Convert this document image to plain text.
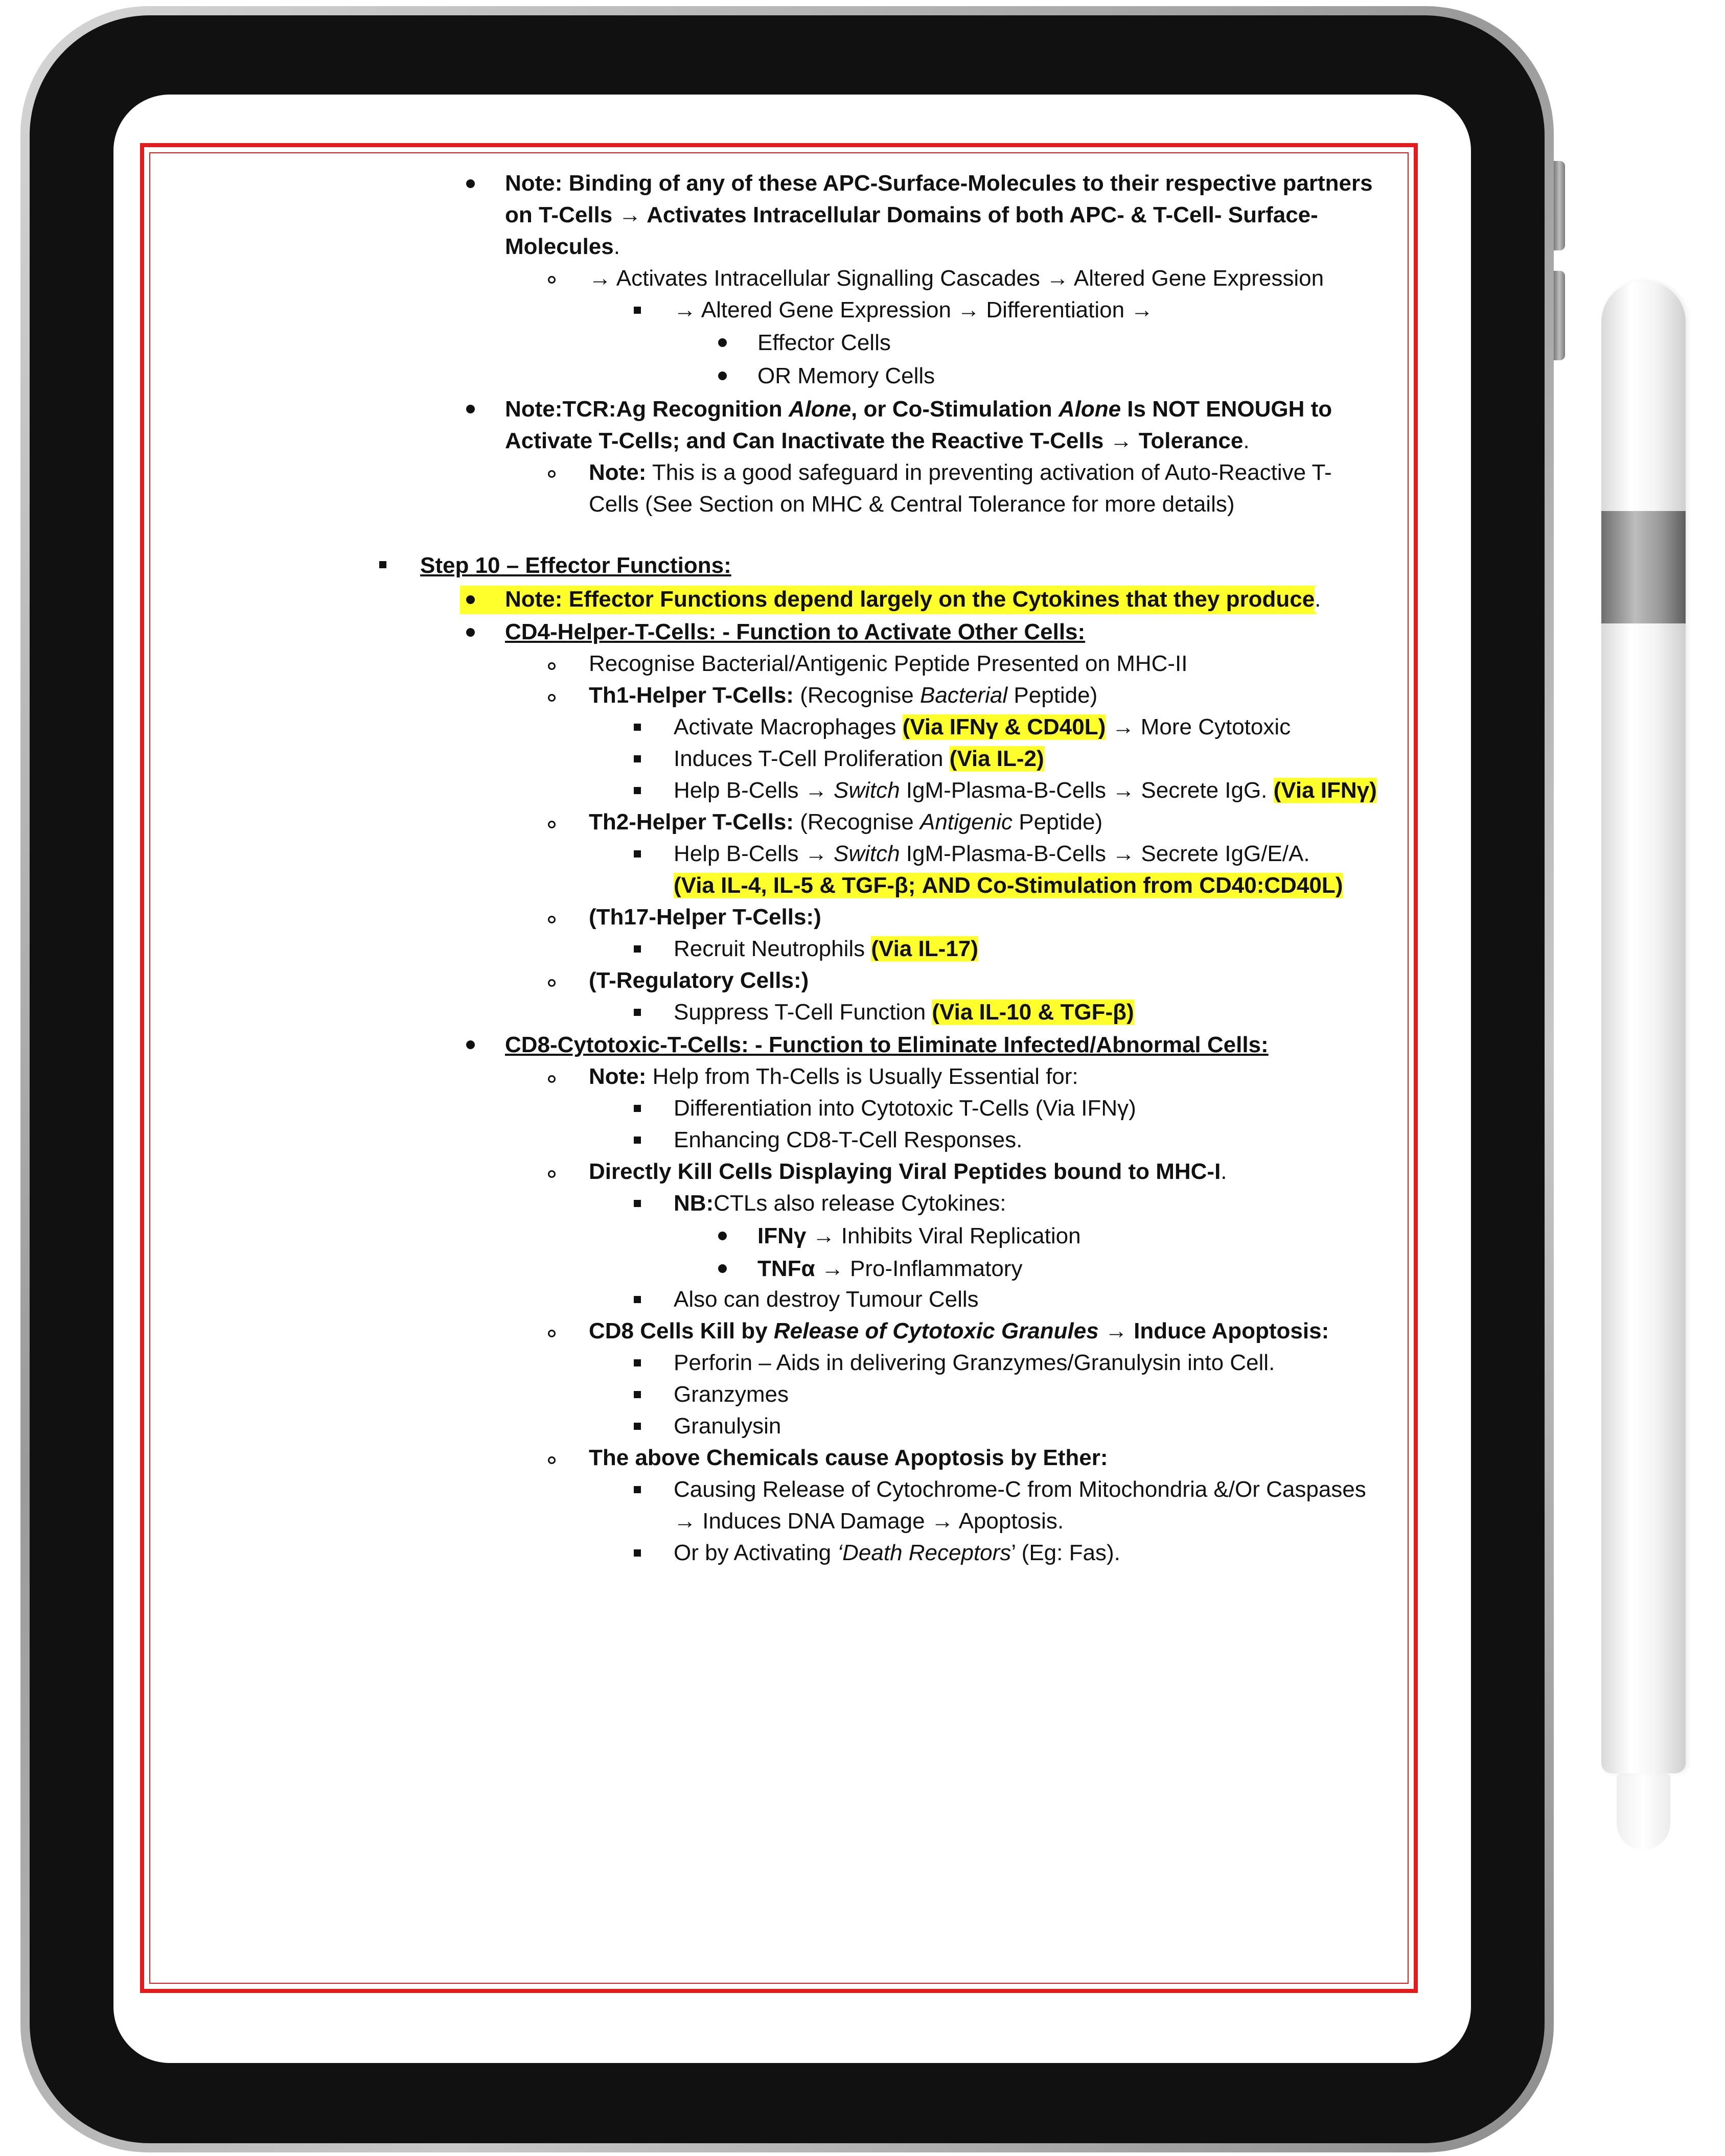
Note: Binding of any of these APC-Surface-Molecules to their respective partners
on T-Cells → Activates Intracellular Domains of both APC- & T-Cell- Surface-
Molecules.
→ Activates Intracellular Signalling Cascades → Altered Gene Expression
→ Altered Gene Expression → Differentiation →
Effector Cells
OR Memory Cells
Note:TCR:Ag Recognition Alone, or Co-Stimulation Alone Is NOT ENOUGH to
Activate T-Cells; and Can Inactivate the Reactive T-Cells → Tolerance.
Note: This is a good safeguard in preventing activation of Auto-Reactive T-
Cells (See Section on MHC & Central Tolerance for more details)
Step 10 – Effector Functions:
Note: Effector Functions depend largely on the Cytokines that they produce.
CD4-Helper-T-Cells: - Function to Activate Other Cells:
Recognise Bacterial/Antigenic Peptide Presented on MHC-II
Th1-Helper T-Cells: (Recognise Bacterial Peptide)
Activate Macrophages (Via IFNγ & CD40L) → More Cytotoxic
Induces T-Cell Proliferation (Via IL-2)
Help B-Cells → Switch IgM-Plasma-B-Cells → Secrete IgG. (Via IFNγ)
Th2-Helper T-Cells: (Recognise Antigenic Peptide)
Help B-Cells → Switch IgM-Plasma-B-Cells → Secrete IgG/E/A.
(Via IL-4, IL-5 & TGF-β; AND Co-Stimulation from CD40:CD40L)
(Th17-Helper T-Cells:)
Recruit Neutrophils (Via IL-17)
(T-Regulatory Cells:)
Suppress T-Cell Function (Via IL-10 & TGF-β)
CD8-Cytotoxic-T-Cells: - Function to Eliminate Infected/Abnormal Cells:
Note: Help from Th-Cells is Usually Essential for:
Differentiation into Cytotoxic T-Cells (Via IFNγ)
Enhancing CD8-T-Cell Responses.
Directly Kill Cells Displaying Viral Peptides bound to MHC-I.
NB:CTLs also release Cytokines:
IFNγ → Inhibits Viral Replication
TNFα → Pro-Inflammatory
Also can destroy Tumour Cells
CD8 Cells Kill by Release of Cytotoxic Granules → Induce Apoptosis:
Perforin – Aids in delivering Granzymes/Granulysin into Cell.
Granzymes
Granulysin
The above Chemicals cause Apoptosis by Ether:
Causing Release of Cytochrome-C from Mitochondria &/Or Caspases
→ Induces DNA Damage → Apoptosis.
Or by Activating ‘Death Receptors’ (Eg: Fas).
